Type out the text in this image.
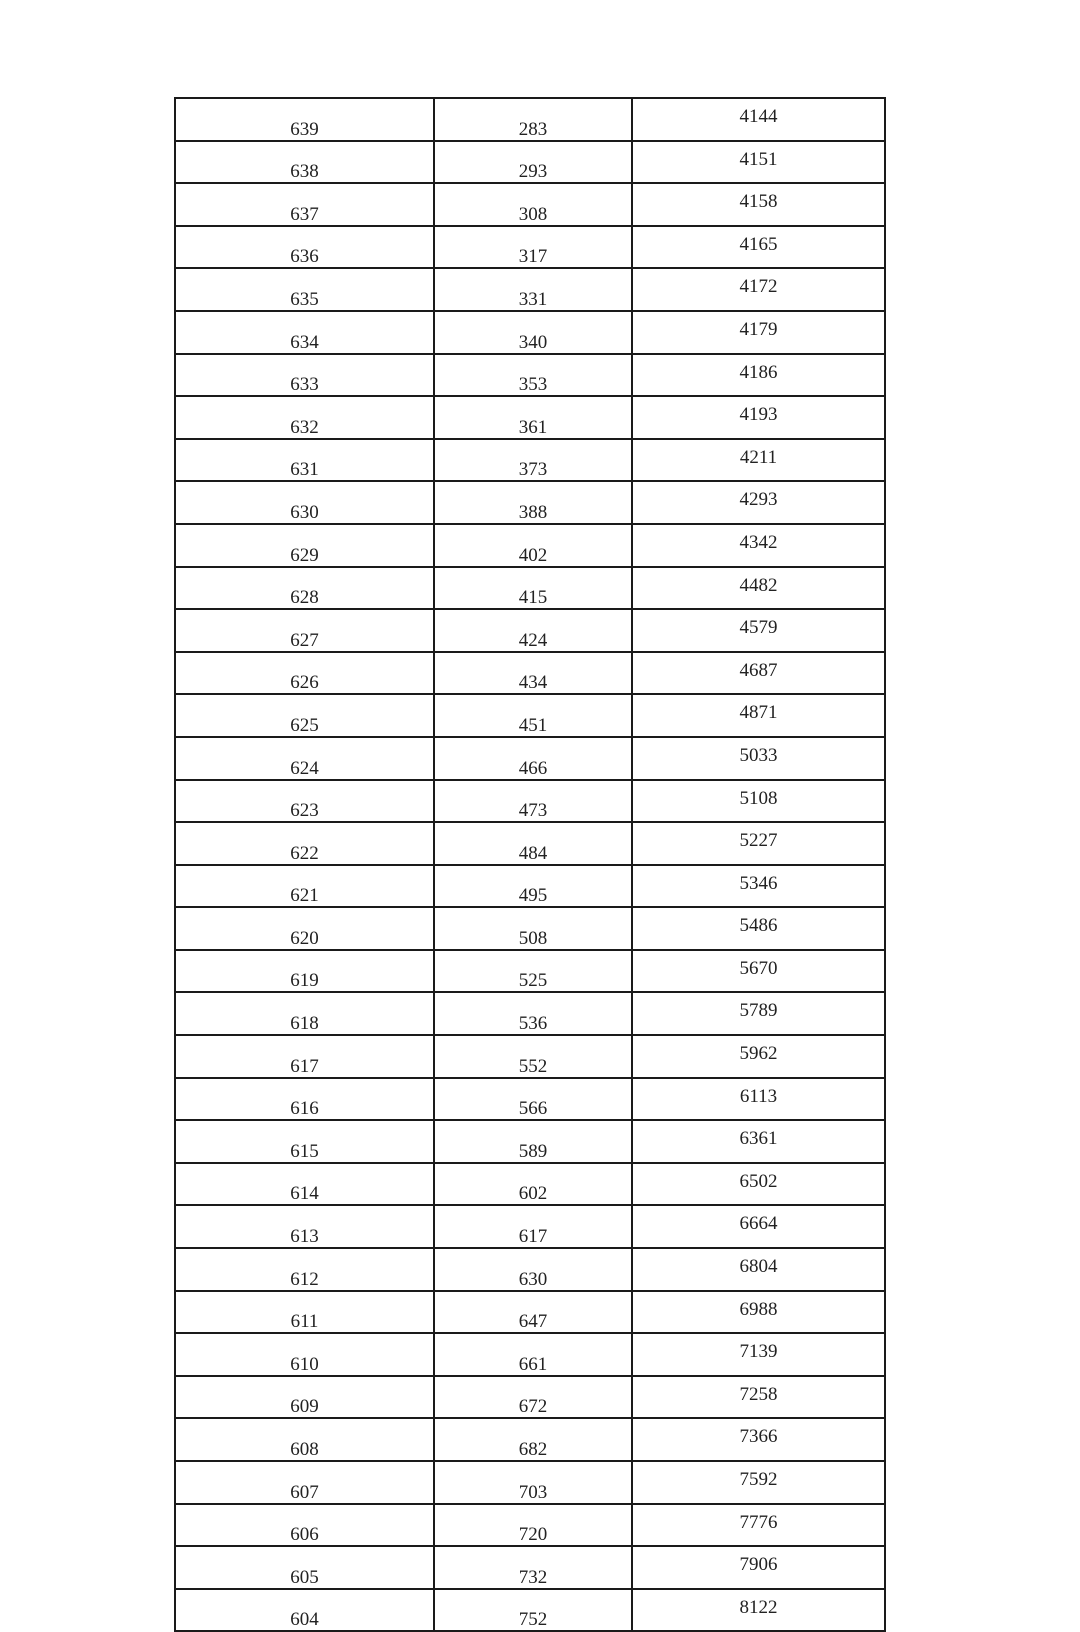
639	283	4144
638	293	4151
637	308	4158
636	317	4165
635	331	4172
634	340	4179
633	353	4186
632	361	4193
631	373	4211
630	388	4293
629	402	4342
628	415	4482
627	424	4579
626	434	4687
625	451	4871
624	466	5033
623	473	5108
622	484	5227
621	495	5346
620	508	5486
619	525	5670
618	536	5789
617	552	5962
616	566	6113
615	589	6361
614	602	6502
613	617	6664
612	630	6804
611	647	6988
610	661	7139
609	672	7258
608	682	7366
607	703	7592
606	720	7776
605	732	7906
604	752	8122
